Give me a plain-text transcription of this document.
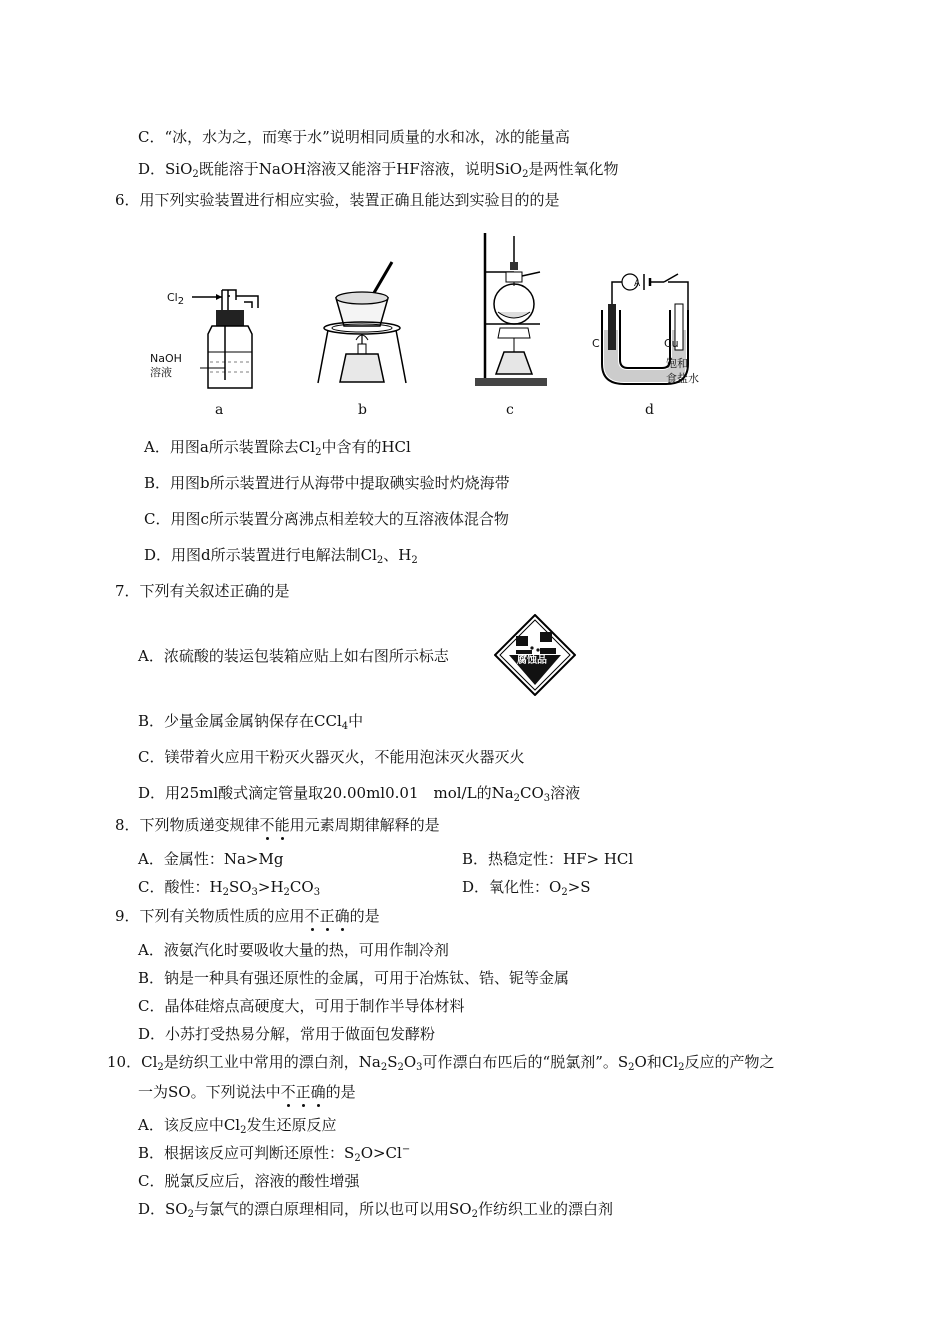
C．“冰，水为之，而寒于水”说明相同质量的水和冰，冰的能量高
D．SiO$_2$既能溶于NaOH溶液又能溶于HF溶液，说明SiO$_2$是两性氧化物
6．用下列实验装置进行相应实验，装置正确且能达到实验目的的是
$Cl_2$
NaOH
溶液
A
C	Cu
饱和
食盐水
a	b	c	d
A．用图a所示装置除去$Cl_2$中含有的HCl
B．用图b所示装置进行从海带中提取碘实验时灼烧海带
C．用图c所示装置分离沸点相差较大的互溶液体混合物
D．用图d所示装置进行电解法制$Cl_2$、$H_2$
7．下列有关叙述正确的是
A．浓硫酸的装运包装箱应贴上如右图所示标志	腐蚀品
B．少量金属金属钠保存在CCl$_4$中
C．镁带着火应用干粉灭火器灭火，不能用泡沫灭火器灭火
D．用25ml酸式滴定管量取20.00ml0.01　mol/L的$Na_2CO_3$溶液
8．下列物质递变规律不能用元素周期律解释的是
A．金属性：Na>Mg	B．热稳定性：HF> HCl
C．酸性：$H_2SO_3>H_2CO_3$	D．氧化性：$O_2>S$
9．下列有关物质性质的应用不正确的是
A．液氨汽化时要吸收大量的热，可用作制冷剂
B．钠是一种具有强还原性的金属，可用于冶炼钛、锆、铌等金属
C．晶体硅熔点高硬度大，可用于制作半导体材料
D．小苏打受热易分解，常用于做面包发酵粉
10．$Cl_2$是纺织工业中常用的漂白剂，$Na_2S_2O_3$可作漂白布匹后的“脱氯剂”。$S_2O$和$Cl_2$反应的产物之
一为SO。下列说法中不正确的是
A．该反应中$Cl_2$发生还原反应
B．根据该反应可判断还原性：$S_2O>Cl^-$
C．脱氯反应后，溶液的酸性增强
D．$SO_2$与氯气的漂白原理相同，所以也可以用$SO_2$作纺织工业的漂白剂
